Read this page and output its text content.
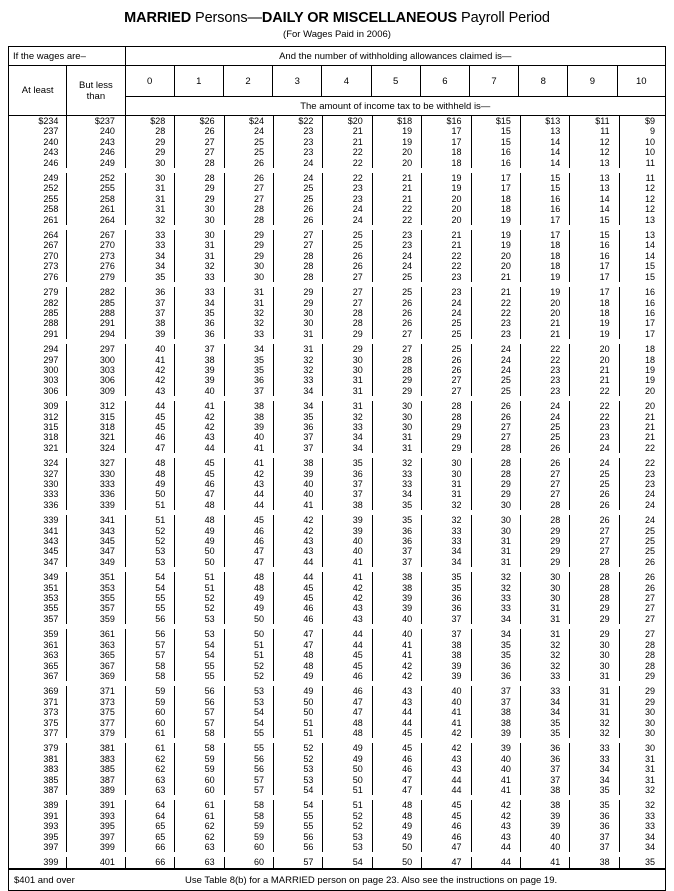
MARRIED Persons—DAILY OR MISCELLANEOUS Payroll Period
(For Wages Paid in 2006)
If the wages are–		And the number of withholding allowances claimed is—										
At least	But less
than	0	1	2	3	4	5	6	7	8	9	10
		The amount of income tax to be withheld is—										
$234	$237	$28	$26	$24	$22	$20	$18	$16	$15	$13	$11	$9
237	240	28	26	24	23	21	19	17	15	13	11	9
240	243	29	27	25	23	21	19	17	15	14	12	10
243	246	29	27	25	23	22	20	18	16	14	12	10
246	249	30	28	26	24	22	20	18	16	14	13	11

249	252	30	28	26	24	22	21	19	17	15	13	11
252	255	31	29	27	25	23	21	19	17	15	13	12
255	258	31	29	27	25	23	21	20	18	16	14	12
258	261	31	30	28	26	24	22	20	18	16	14	12
261	264	32	30	28	26	24	22	20	19	17	15	13

264	267	33	30	29	27	25	23	21	19	17	15	13
267	270	33	31	29	27	25	23	21	19	18	16	14
270	273	34	31	29	28	26	24	22	20	18	16	14
273	276	34	32	30	28	26	24	22	20	18	17	15
276	279	35	33	30	28	27	25	23	21	19	17	15

279	282	36	33	31	29	27	25	23	21	19	17	16
282	285	37	34	31	29	27	26	24	22	20	18	16
285	288	37	35	32	30	28	26	24	22	20	18	16
288	291	38	36	32	30	28	26	25	23	21	19	17
291	294	39	36	33	31	29	27	25	23	21	19	17

294	297	40	37	34	31	29	27	25	24	22	20	18
297	300	41	38	35	32	30	28	26	24	22	20	18
300	303	42	39	35	32	30	28	26	24	23	21	19
303	306	42	39	36	33	31	29	27	25	23	21	19
306	309	43	40	37	34	31	29	27	25	23	22	20

309	312	44	41	38	34	31	30	28	26	24	22	20
312	315	45	42	38	35	32	30	28	26	24	22	21
315	318	45	42	39	36	33	30	29	27	25	23	21
318	321	46	43	40	37	34	31	29	27	25	23	21
321	324	47	44	41	37	34	31	29	28	26	24	22

324	327	48	45	41	38	35	32	30	28	26	24	22
327	330	48	45	42	39	36	33	30	28	27	25	23
330	333	49	46	43	40	37	33	31	29	27	25	23
333	336	50	47	44	40	37	34	31	29	27	26	24
336	339	51	48	44	41	38	35	32	30	28	26	24

339	341	51	48	45	42	39	35	32	30	28	26	24
341	343	52	49	46	42	39	36	33	30	29	27	25
343	345	52	49	46	43	40	36	33	31	29	27	25
345	347	53	50	47	43	40	37	34	31	29	27	25
347	349	53	50	47	44	41	37	34	31	29	28	26

349	351	54	51	48	44	41	38	35	32	30	28	26
351	353	54	51	48	45	42	38	35	32	30	28	26
353	355	55	52	49	45	42	39	36	33	30	28	27
355	357	55	52	49	46	43	39	36	33	31	29	27
357	359	56	53	50	46	43	40	37	34	31	29	27

359	361	56	53	50	47	44	40	37	34	31	29	27
361	363	57	54	51	47	44	41	38	35	32	30	28
363	365	57	54	51	48	45	41	38	35	32	30	28
365	367	58	55	52	48	45	42	39	36	32	30	28
367	369	58	55	52	49	46	42	39	36	33	31	29

369	371	59	56	53	49	46	43	40	37	33	31	29
371	373	59	56	53	50	47	43	40	37	34	31	29
373	375	60	57	54	50	47	44	41	38	34	31	30
375	377	60	57	54	51	48	44	41	38	35	32	30
377	379	61	58	55	51	48	45	42	39	35	32	30

379	381	61	58	55	52	49	45	42	39	36	33	30
381	383	62	59	56	52	49	46	43	40	36	33	31
383	385	62	59	56	53	50	46	43	40	37	34	31
385	387	63	60	57	53	50	47	44	41	37	34	31
387	389	63	60	57	54	51	47	44	41	38	35	32

389	391	64	61	58	54	51	48	45	42	38	35	32
391	393	64	61	58	55	52	48	45	42	39	36	33
393	395	65	62	59	55	52	49	46	43	39	36	33
395	397	65	62	59	56	53	49	46	43	40	37	34
397	399	66	63	60	56	53	50	47	44	40	37	34

399	401	66	63	60	57	54	50	47	44	41	38	35
$401 and over	Use Table 8(b) for a MARRIED person on page 23. Also see the instructions on page 19.
